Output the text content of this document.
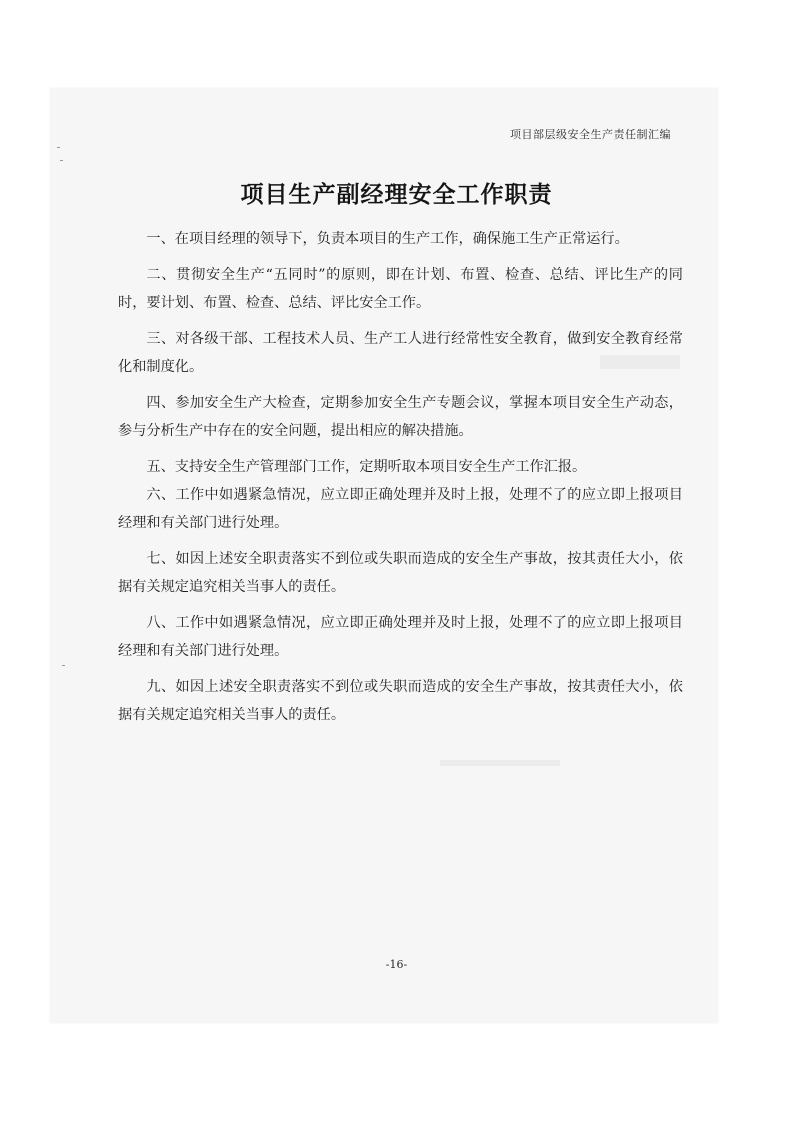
项目部层级安全生产责任制汇编
项目生产副经理安全工作职责

一、在项目经理的领导下，负责本项目的生产工作，确保施工生产正常运行。

二、贯彻安全生产“五同时”的原则，即在计划、布置、检查、总结、评比生产的同时，要计划、布置、检查、总结、评比安全工作。

三、对各级干部、工程技术人员、生产工人进行经常性安全教育，做到安全教育经常化和制度化。

四、参加安全生产大检查，定期参加安全生产专题会议，掌握本项目安全生产动态，参与分析生产中存在的安全问题，提出相应的解决措施。

五、支持安全生产管理部门工作，定期听取本项目安全生产工作汇报。

六、工作中如遇紧急情况，应立即正确处理并及时上报，处理不了的应立即上报项目经理和有关部门进行处理。

七、如因上述安全职责落实不到位或失职而造成的安全生产事故，按其责任大小，依据有关规定追究相关当事人的责任。

八、工作中如遇紧急情况，应立即正确处理并及时上报，处理不了的应立即上报项目经理和有关部门进行处理。

九、如因上述安全职责落实不到位或失职而造成的安全生产事故，按其责任大小，依据有关规定追究相关当事人的责任。

-16-
